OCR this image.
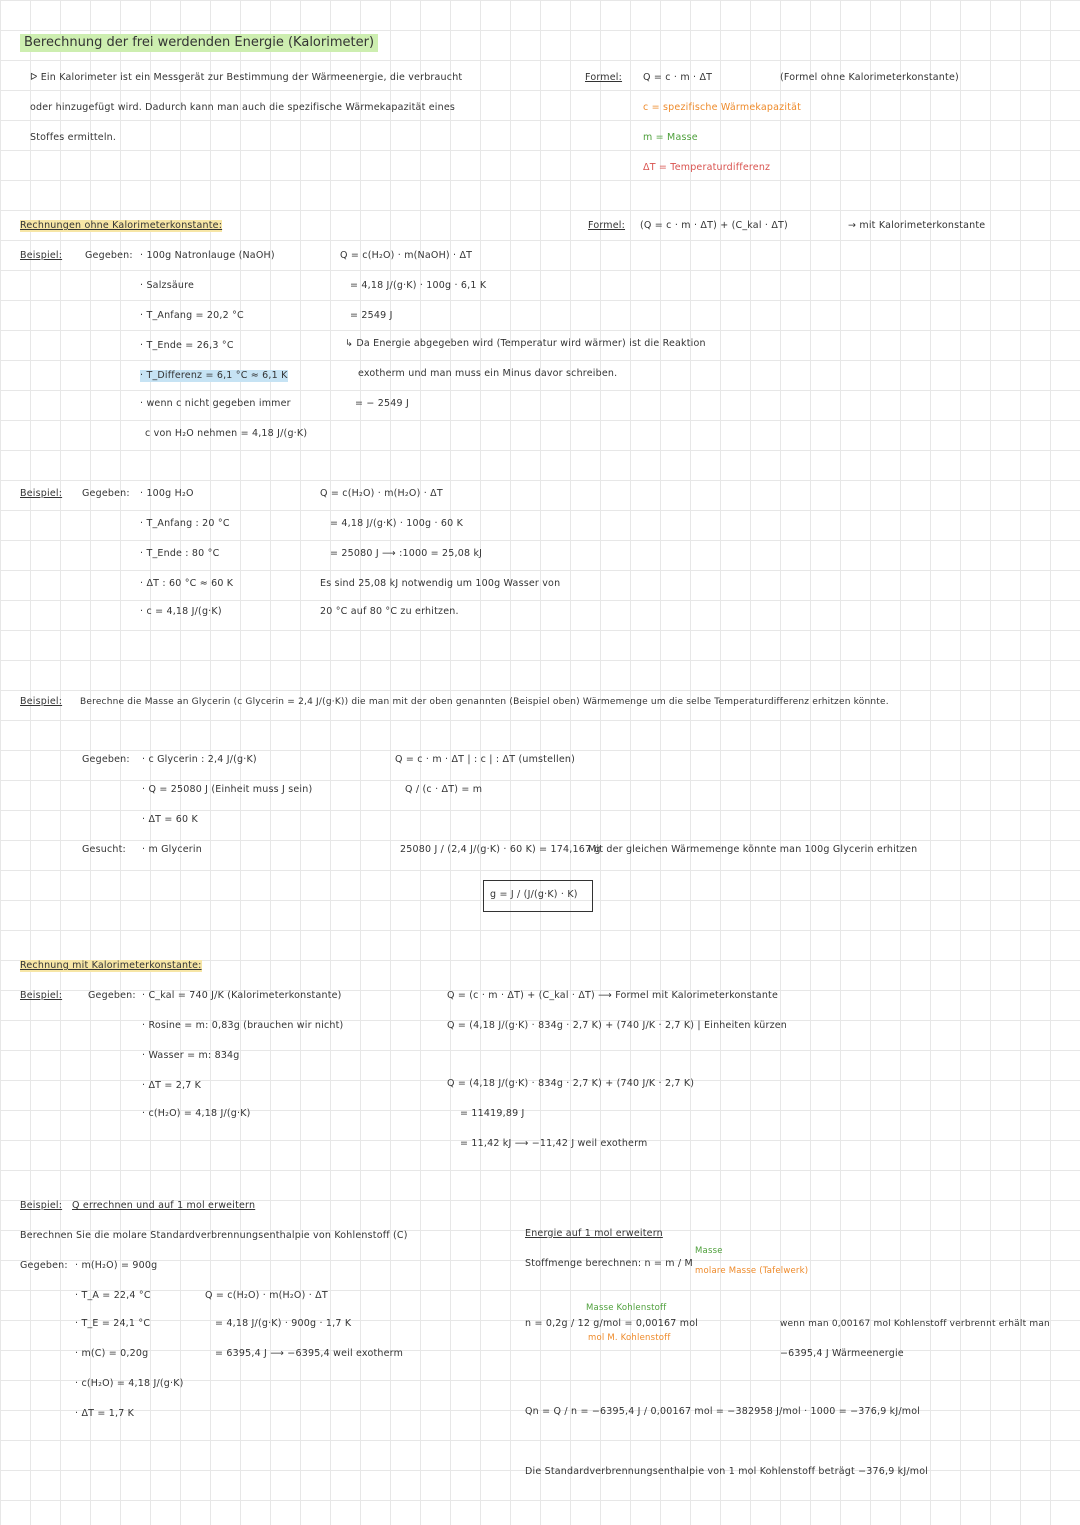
Berechnung der frei werdenden Energie (Kalorimeter)
ᐅ Ein Kalorimeter ist ein Messgerät zur Bestimmung der Wärmeenergie, die verbraucht
oder hinzugefügt wird. Dadurch kann man auch die spezifische Wärmekapazität eines
Stoffes ermitteln.
Formel: Q = c · m · ΔT	(Formel ohne Kalorimeterkonstante)
c = spezifische Wärmekapazität
m = Masse
ΔT = Temperaturdifferenz
Rechnungen ohne Kalorimeterkonstante:	Formel: (Q = c · m · ΔT) + (C_kal · ΔT)	→ mit Kalorimeterkonstante
Beispiel: Gegeben: · 100g Natronlauge (NaOH)
· Salzsäure
· T_Anfang = 20,2 °C
· T_Ende = 26,3 °C
· T_Differenz = 6,1 °C ≈ 6,1 K
· wenn c nicht gegeben immer
c von H₂O nehmen = 4,18 J/(g·K)
Q = c(H₂O) · m(NaOH) · ΔT
= 4,18 J/(g·K) · 100g · 6,1 K
= 2549 J
↳ Da Energie abgegeben wird (Temperatur wird wärmer) ist die Reaktion
exotherm und man muss ein Minus davor schreiben.
= − 2549 J
Beispiel: Gegeben: · 100g H₂O
· T_Anfang : 20 °C
· T_Ende : 80 °C
· ΔT : 60 °C ≈ 60 K
· c = 4,18 J/(g·K)
Q = c(H₂O) · m(H₂O) · ΔT
= 4,18 J/(g·K) · 100g · 60 K
= 25080 J ⟶ :1000 = 25,08 kJ
Es sind 25,08 kJ notwendig um 100g Wasser von
20 °C auf 80 °C zu erhitzen.
Beispiel: Berechne die Masse an Glycerin (c Glycerin = 2,4 J/(g·K)) die man mit der oben genannten (Beispiel oben) Wärmemenge um die selbe Temperaturdifferenz erhitzen könnte.
Gegeben: · c Glycerin : 2,4 J/(g·K)
· Q = 25080 J (Einheit muss J sein)
· ΔT = 60 K
Gesucht: · m Glycerin
Q = c · m · ΔT | : c | : ΔT (umstellen)
Q / (c · ΔT) = m
25080 J / (2,4 J/(g·K) · 60 K) = 174,167 g
Mit der gleichen Wärmemenge könnte man 100g Glycerin erhitzen
g = J / (J/(g·K) · K)
Rechnung mit Kalorimeterkonstante:
Beispiel:	Gegeben: · C_kal = 740 J/K (Kalorimeterkonstante)
· Rosine = m: 0,83g (brauchen wir nicht)
· Wasser = m: 834g
· ΔT = 2,7 K
· c(H₂O) = 4,18 J/(g·K)
Q = (c · m · ΔT) + (C_kal · ΔT) ⟶ Formel mit Kalorimeterkonstante
Q = (4,18 J/(g·K) · 834g · 2,7 K) + (740 J/K · 2,7 K) | Einheiten kürzen
Q = (4,18 J/(g·K) · 834g · 2,7 K) + (740 J/K · 2,7 K)
= 11419,89 J
= 11,42 kJ ⟶ −11,42 J weil exotherm
Beispiel: Q errechnen und auf 1 mol erweitern
Berechnen Sie die molare Standardverbrennungsenthalpie von Kohlenstoff (C)
Gegeben: · m(H₂O) = 900g
· T_A = 22,4 °C
· T_E = 24,1 °C
· m(C) = 0,20g
· c(H₂O) = 4,18 J/(g·K)
· ΔT = 1,7 K
Q = c(H₂O) · m(H₂O) · ΔT
= 4,18 J/(g·K) · 900g · 1,7 K
= 6395,4 J ⟶ −6395,4 weil exotherm
Energie auf 1 mol erweitern
Stoffmenge berechnen: n = m / M
Masse
molare Masse (Tafelwerk)
n = 0,2g / 12 g/mol = 0,00167 mol
Masse Kohlenstoff
mol M. Kohlenstoff
wenn man 0,00167 mol Kohlenstoff verbrennt erhält man
−6395,4 J Wärmeenergie
Qn = Q / n = −6395,4 J / 0,00167 mol = −382958 J/mol · 1000 = −376,9 kJ/mol
Die Standardverbrennungsenthalpie von 1 mol Kohlenstoff beträgt −376,9 kJ/mol
